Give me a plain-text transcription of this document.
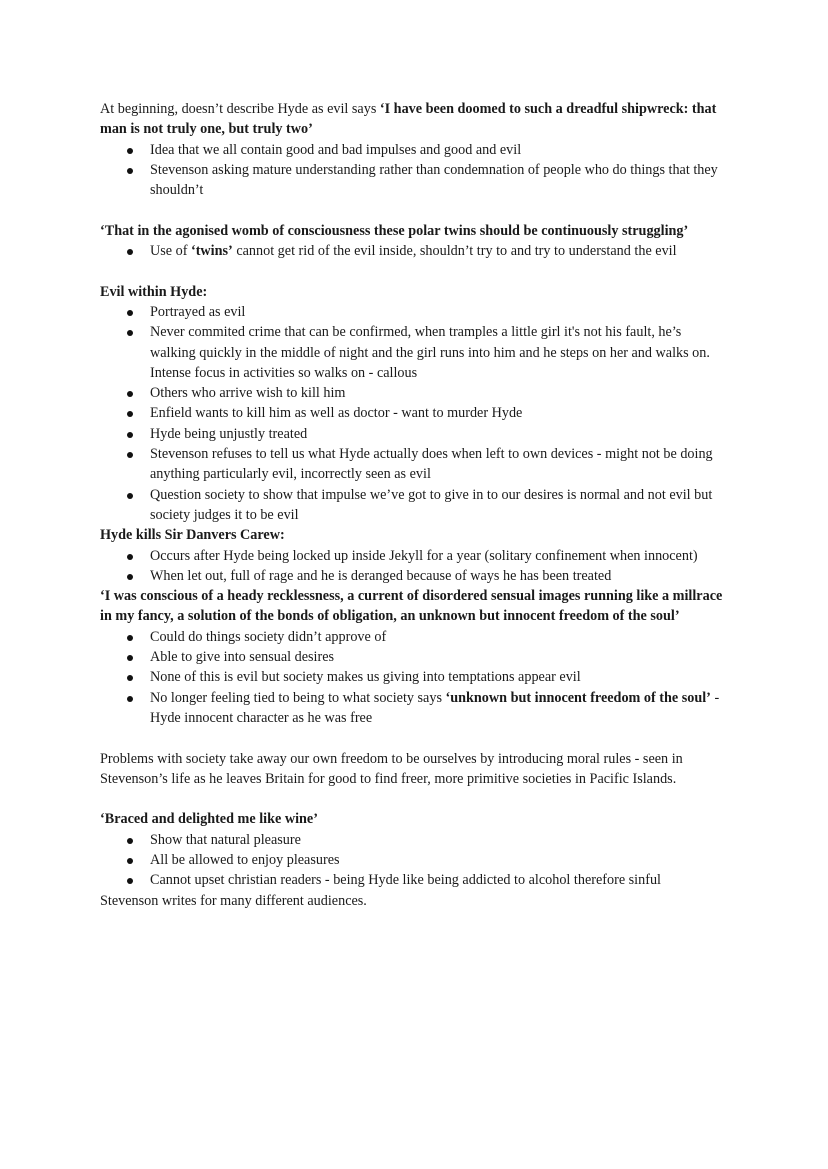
At beginning, doesn’t describe Hyde as evil says ‘I have been doomed to such a dreadful shipwreck: that man is not truly one, but truly two’

Idea that we all contain good and bad impulses and good and evil
Stevenson asking mature understanding rather than condemnation of people who do things that they shouldn’t

‘That in the agonised womb of consciousness these polar twins should be continuously struggling’

Use of ‘twins’ cannot get rid of the evil inside, shouldn’t try to and try to understand the evil

Evil within Hyde:

Portrayed as evil
Never commited crime that can be confirmed, when tramples a little girl it's not his fault, he’s walking quickly in the middle of night and the girl runs into him and he steps on her and walks on. Intense focus in activities so walks on - callous
Others who arrive wish to kill him
Enfield wants to kill him as well as doctor - want to murder Hyde
Hyde being unjustly treated
Stevenson refuses to tell us what Hyde actually does when left to own devices - might not be doing anything particularly evil, incorrectly seen as evil
Question society to show that impulse we’ve got to give in to our desires is normal and not evil but society judges it to be evil

Hyde kills Sir Danvers Carew:

Occurs after Hyde being locked up inside Jekyll for a year (solitary confinement when innocent)
When let out, full of rage and he is deranged because of ways he has been treated

‘I was conscious of a heady recklessness, a current of disordered sensual images running like a millrace in my fancy, a solution of the bonds of obligation, an unknown but innocent freedom of the soul’

Could do things society didn’t approve of
Able to give into sensual desires
None of this is evil but society makes us giving into temptations appear evil
No longer feeling tied to being to what society says ‘unknown but innocent freedom of the soul’ - Hyde innocent character as he was free

Problems with society take away our own freedom to be ourselves by introducing moral rules - seen in Stevenson’s life as he leaves Britain for good to find freer, more primitive societies in Pacific Islands.

‘Braced and delighted me like wine’

Show that natural pleasure
All be allowed to enjoy pleasures
Cannot upset christian readers - being Hyde like being addicted to alcohol therefore sinful

Stevenson writes for many different audiences.
